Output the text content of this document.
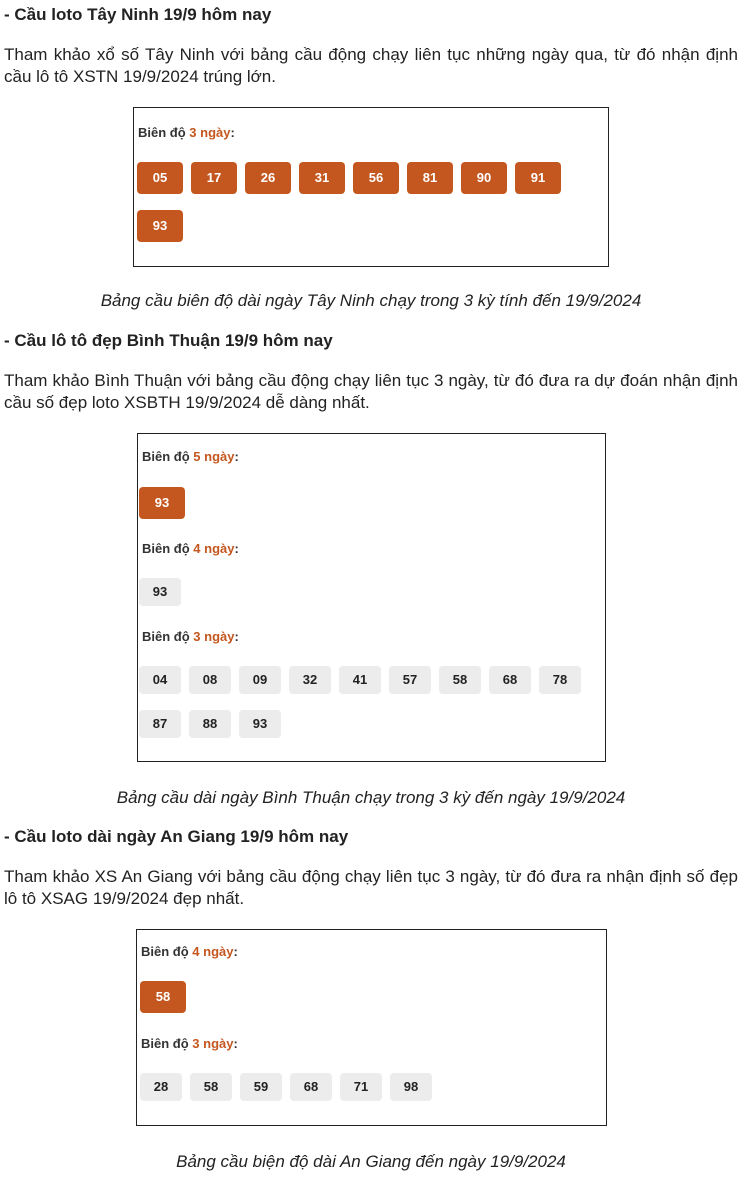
- Cầu loto Tây Ninh 19/9 hôm nay

Tham khảo xổ số Tây Ninh với bảng cầu động chạy liên tục những ngày qua, từ đó nhận định cầu lô tô XSTN 19/9/2024 trúng lớn.

Biên độ 3 ngày:
05	17	26	31	56	81	90	91
93

Bảng cầu biên độ dài ngày Tây Ninh chạy trong 3 kỳ tính đến 19/9/2024

- Cầu lô tô đẹp Bình Thuận 19/9 hôm nay

Tham khảo Bình Thuận với bảng cầu động chạy liên tục 3 ngày, từ đó đưa ra dự đoán nhận định cầu số đẹp loto XSBTH 19/9/2024 dễ dàng nhất.

Biên độ 5 ngày:
93
Biên độ 4 ngày:
93
Biên độ 3 ngày:
04	08	09	32	41	57	58	68	78
87	88	93

Bảng cầu dài ngày Bình Thuận chạy trong 3 kỳ đến ngày 19/9/2024

- Cầu loto dài ngày An Giang 19/9 hôm nay

Tham khảo XS An Giang với bảng cầu động chạy liên tục 3 ngày, từ đó đưa ra nhận định số đẹp lô tô XSAG 19/9/2024 đẹp nhất.

Biên độ 4 ngày:
58
Biên độ 3 ngày:
28	58	59	68	71	98

Bảng cầu biện độ dài An Giang đến ngày 19/9/2024
